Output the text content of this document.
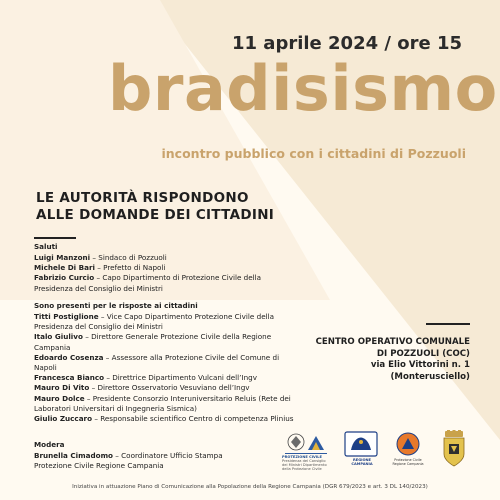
11 aprile 2024 / ore 15
bradisismo
incontro pubblico con i cittadini di Pozzuoli
LE AUTORITÀ RISPONDONO
ALLE DOMANDE DEI CITTADINI
Saluti
Luigi Manzoni – Sindaco di Pozzuoli
Michele Di Bari – Prefetto di Napoli
Fabrizio Curcio – Capo Dipartimento di Protezione Civile della Presidenza del Consiglio dei Ministri
Sono presenti per le risposte ai cittadini
Titti Postiglione – Vice Capo Dipartimento Protezione Civile della Presidenza del Consiglio dei Ministri
Italo Giulivo – Direttore Generale Protezione Civile della Regione Campania
Edoardo Cosenza – Assessore alla Protezione Civile del Comune di Napoli
Francesca Bianco – Direttrice Dipartimento Vulcani dell’Ingv
Mauro Di Vito – Direttore Osservatorio Vesuviano dell’Ingv
Mauro Dolce – Presidente Consorzio Interuniversitario Reluis (Rete dei Laboratori Universitari di Ingegneria Sismica)
Giulio Zuccaro – Responsabile scientifico Centro di competenza Plinius
Modera
Brunella Cimadomo – Coordinatore Ufficio Stampa Protezione Civile Regione Campania
CENTRO OPERATIVO COMUNALE
DI POZZUOLI (COC)
via Elio Vittorini n. 1
(Monterusciello)
PROTEZIONE CIVILE
Presidenza del Consiglio dei Ministri Dipartimento della Protezione Civile
REGIONE CAMPANIA
Protezione Civile Regione Campania
Iniziativa in attuazione Piano di Comunicazione alla Popolazione della Regione Campania (DGR 679/2023 e art. 3 DL 140/2023)
